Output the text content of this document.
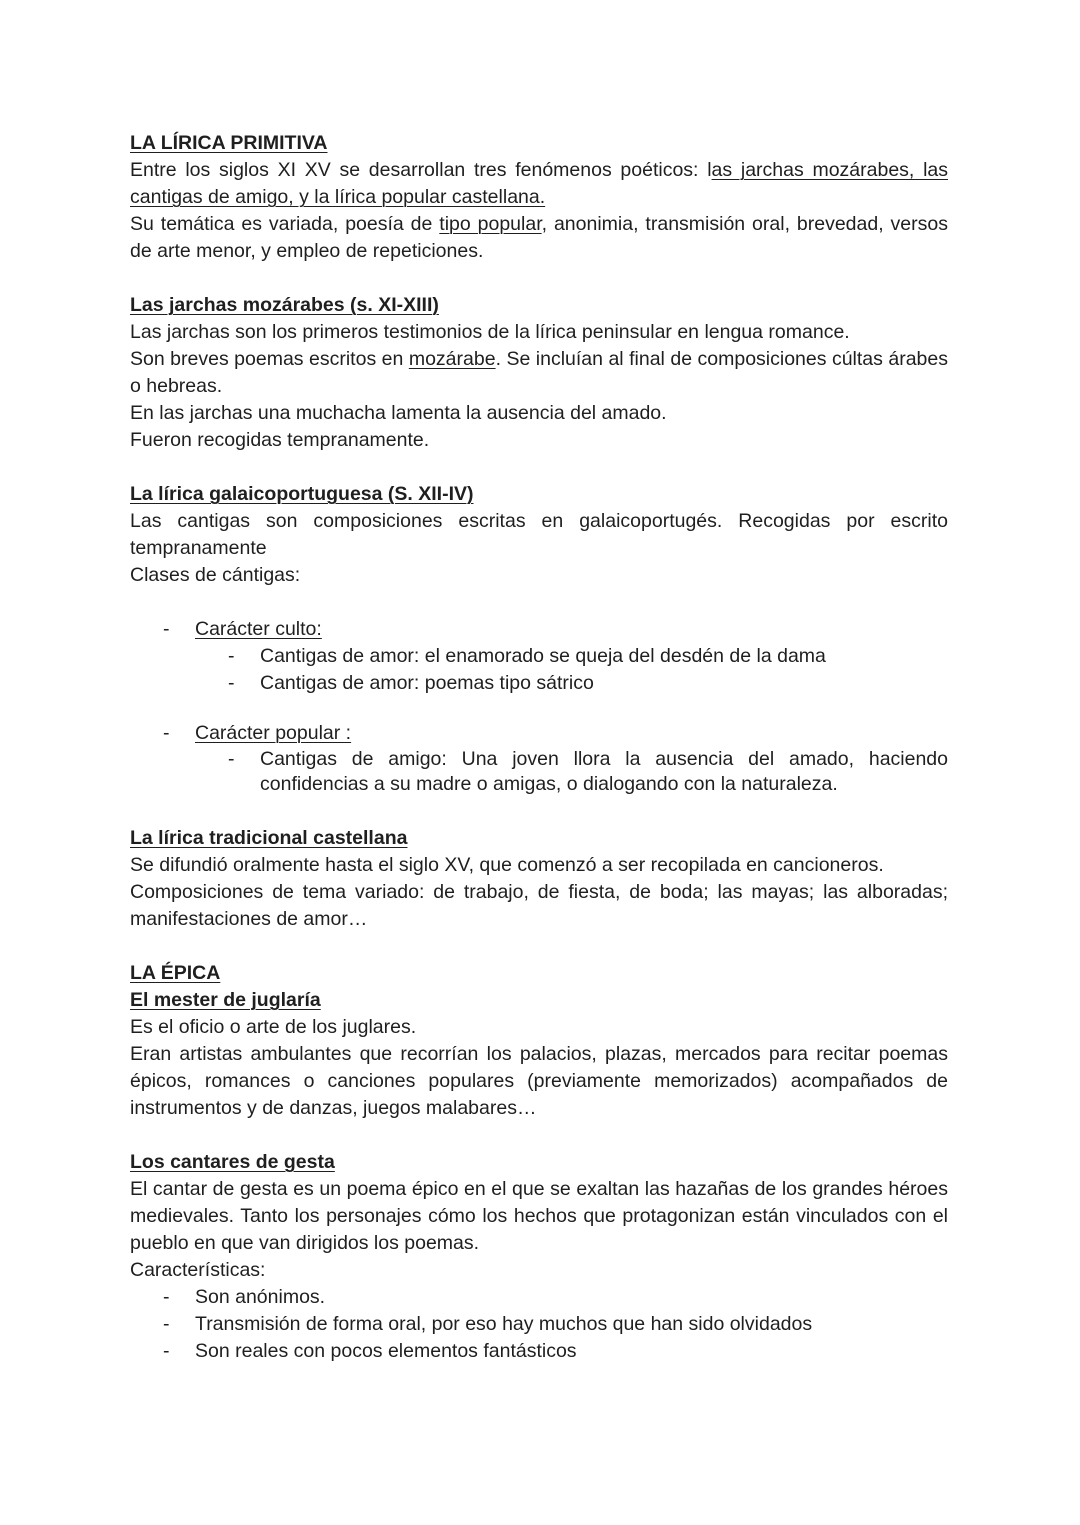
LA LÍRICA PRIMITIVA

Entre los siglos XI XV se desarrollan tres fenómenos poéticos: las jarchas mozárabes, las cantigas de amigo, y la lírica popular castellana.

Su temática es variada, poesía de tipo popular, anonimia, transmisión oral, brevedad, versos de arte menor, y empleo de repeticiones.

Las jarchas mozárabes (s. XI-XIII)

Las jarchas son los primeros testimonios de la lírica peninsular en lengua romance.

Son breves poemas escritos en mozárabe. Se incluían al final de composiciones cúltas árabes o hebreas.

En las jarchas una muchacha lamenta la ausencia del amado.

Fueron recogidas tempranamente.

La lírica galaicoportuguesa (S. XII-IV)

Las cantigas son composiciones escritas en galaicoportugés. Recogidas por escrito tempranamente

Clases de cántigas:

- Carácter culto:
- Cantigas de amor: el enamorado se queja del desdén de la dama
- Cantigas de amor: poemas tipo sátrico
- Carácter popular :
- Cantigas de amigo: Una joven llora la ausencia del amado, haciendo confidencias a su madre o amigas, o dialogando con la naturaleza.
La lírica tradicional castellana

Se difundió oralmente hasta el siglo XV, que comenzó a ser recopilada en cancioneros.

Composiciones de tema variado: de trabajo, de fiesta, de boda; las mayas; las alboradas; manifestaciones de amor…

LA ÉPICA
El mester de juglaría

Es el oficio o arte de los juglares.

Eran artistas ambulantes que recorrían los palacios, plazas, mercados para recitar poemas épicos, romances o canciones populares (previamente memorizados) acompañados de instrumentos y de danzas, juegos malabares…

Los cantares de gesta

El cantar de gesta es un poema épico en el que se exaltan las hazañas de los grandes héroes medievales. Tanto los personajes cómo los hechos que protagonizan están vinculados con el pueblo en que van dirigidos los poemas.

Características:

- Son anónimos.
- Transmisión de forma oral, por eso hay muchos que han sido olvidados
- Son reales con pocos elementos fantásticos
